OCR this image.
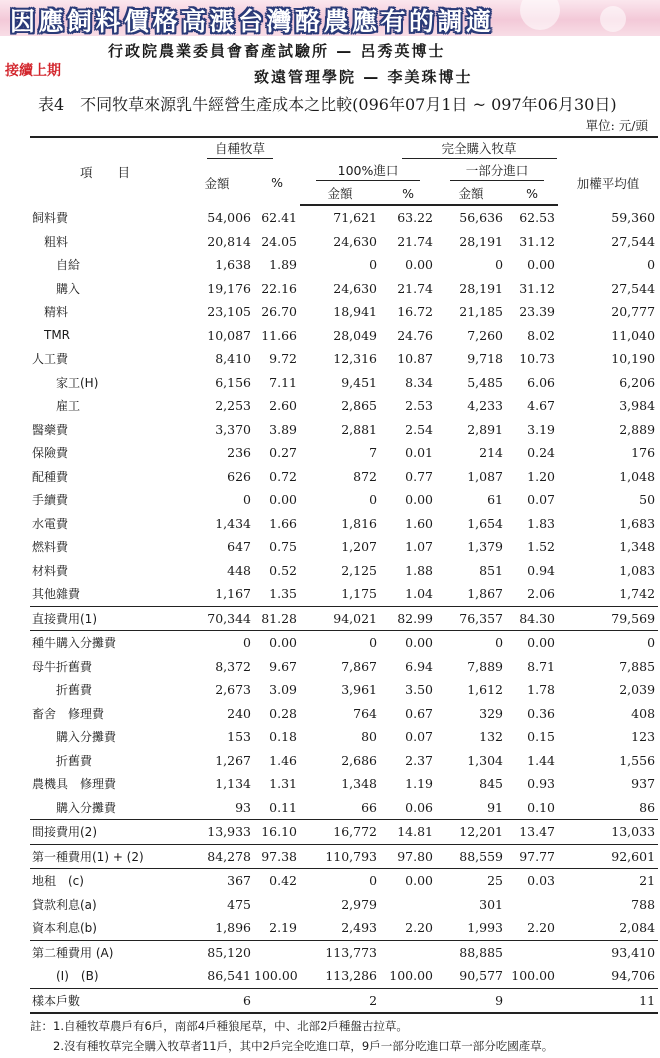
因應飼料價格高漲台灣酪農應有的調適
接續上期
行政院農業委員會畜產試驗所 — 呂秀英博士
致遠管理學院 — 李美珠博士
表4　不同牧草來源乳牛經營生產成本之比較(096年07月1日 ~ 097年06月30日)
單位: 元/頭
項　　目	自種牧草		完全購入牧草				
	金額	%	100%進口		一部分進口		加權平均值
			金額	%	金額	%	
飼料費	54,006	62.41	71,621	63.22	56,636	62.53	59,360
粗料	20,814	24.05	24,630	21.74	28,191	31.12	27,544
自給	1,638	1.89	0	0.00	0	0.00	0
購入	19,176	22.16	24,630	21.74	28,191	31.12	27,544
精料	23,105	26.70	18,941	16.72	21,185	23.39	20,777
TMR	10,087	11.66	28,049	24.76	7,260	8.02	11,040
人工費	8,410	9.72	12,316	10.87	9,718	10.73	10,190
家工(H)	6,156	7.11	9,451	8.34	5,485	6.06	6,206
雇工	2,253	2.60	2,865	2.53	4,233	4.67	3,984
醫藥費	3,370	3.89	2,881	2.54	2,891	3.19	2,889
保險費	236	0.27	7	0.01	214	0.24	176
配種費	626	0.72	872	0.77	1,087	1.20	1,048
手續費	0	0.00	0	0.00	61	0.07	50
水電費	1,434	1.66	1,816	1.60	1,654	1.83	1,683
燃料費	647	0.75	1,207	1.07	1,379	1.52	1,348
材料費	448	0.52	2,125	1.88	851	0.94	1,083
其他雜費	1,167	1.35	1,175	1.04	1,867	2.06	1,742
直接費用(1)	70,344	81.28	94,021	82.99	76,357	84.30	79,569
種牛購入分攤費	0	0.00	0	0.00	0	0.00	0
母牛折舊費	8,372	9.67	7,867	6.94	7,889	8.71	7,885
折舊費	2,673	3.09	3,961	3.50	1,612	1.78	2,039
畜舍　修理費	240	0.28	764	0.67	329	0.36	408
購入分攤費	153	0.18	80	0.07	132	0.15	123
折舊費	1,267	1.46	2,686	2.37	1,304	1.44	1,556
農機具　修理費	1,134	1.31	1,348	1.19	845	0.93	937
購入分攤費	93	0.11	66	0.06	91	0.10	86
間接費用(2)	13,933	16.10	16,772	14.81	12,201	13.47	13,033
第一種費用(1) + (2)	84,278	97.38	110,793	97.80	88,559	97.77	92,601
地租　(c)	367	0.42	0	0.00	25	0.03	21
貸款利息(a)	475		2,979		301		788
資本利息(b)	1,896	2.19	2,493	2.20	1,993	2.20	2,084
第二種費用 (A)	85,120		113,773		88,885		93,410
(I)　(B)	86,541	100.00	113,286	100.00	90,577	100.00	94,706
樣本戶數	6		2		9		11
註：1.自種牧草農戶有6戶，南部4戶種狼尾草，中、北部2戶種盤古拉草。
　　2.沒有種牧草完全購入牧草者11戶，其中2戶完全吃進口草，9戶一部分吃進口草一部分吃國產草。
